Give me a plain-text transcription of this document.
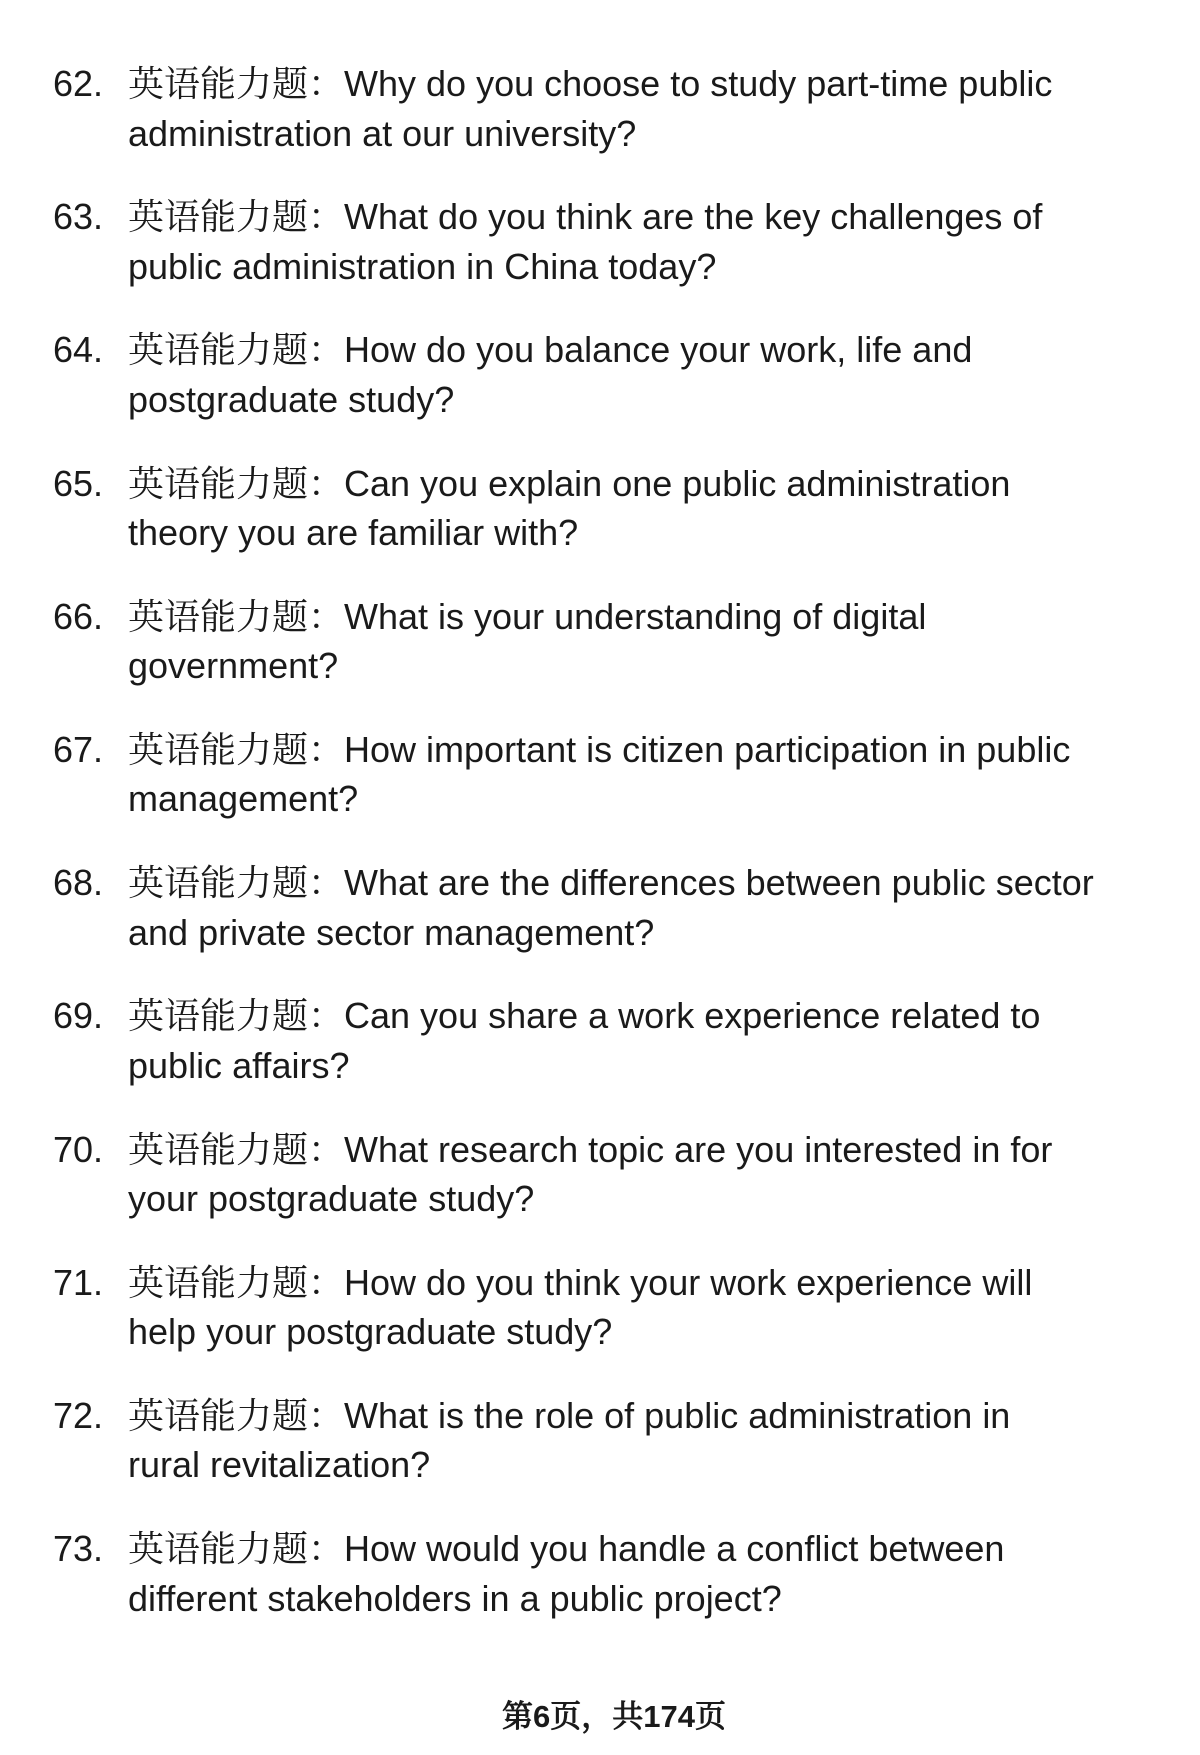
62. 英语能力题：Why do you choose to study part-time public
administration at our university?
63. 英语能力题：What do you think are the key challenges of
public administration in China today?
64. 英语能力题：How do you balance your work, life and
postgraduate study?
65. 英语能力题：Can you explain one public administration
theory you are familiar with?
66. 英语能力题：What is your understanding of digital
government?
67. 英语能力题：How important is citizen participation in public
management?
68. 英语能力题：What are the differences between public sector
and private sector management?
69. 英语能力题：Can you share a work experience related to
public affairs?
70. 英语能力题：What research topic are you interested in for
your postgraduate study?
71. 英语能力题：How do you think your work experience will
help your postgraduate study?
72. 英语能力题：What is the role of public administration in
rural revitalization?
73. 英语能力题：How would you handle a conflict between
different stakeholders in a public project?
第6页，共174页
